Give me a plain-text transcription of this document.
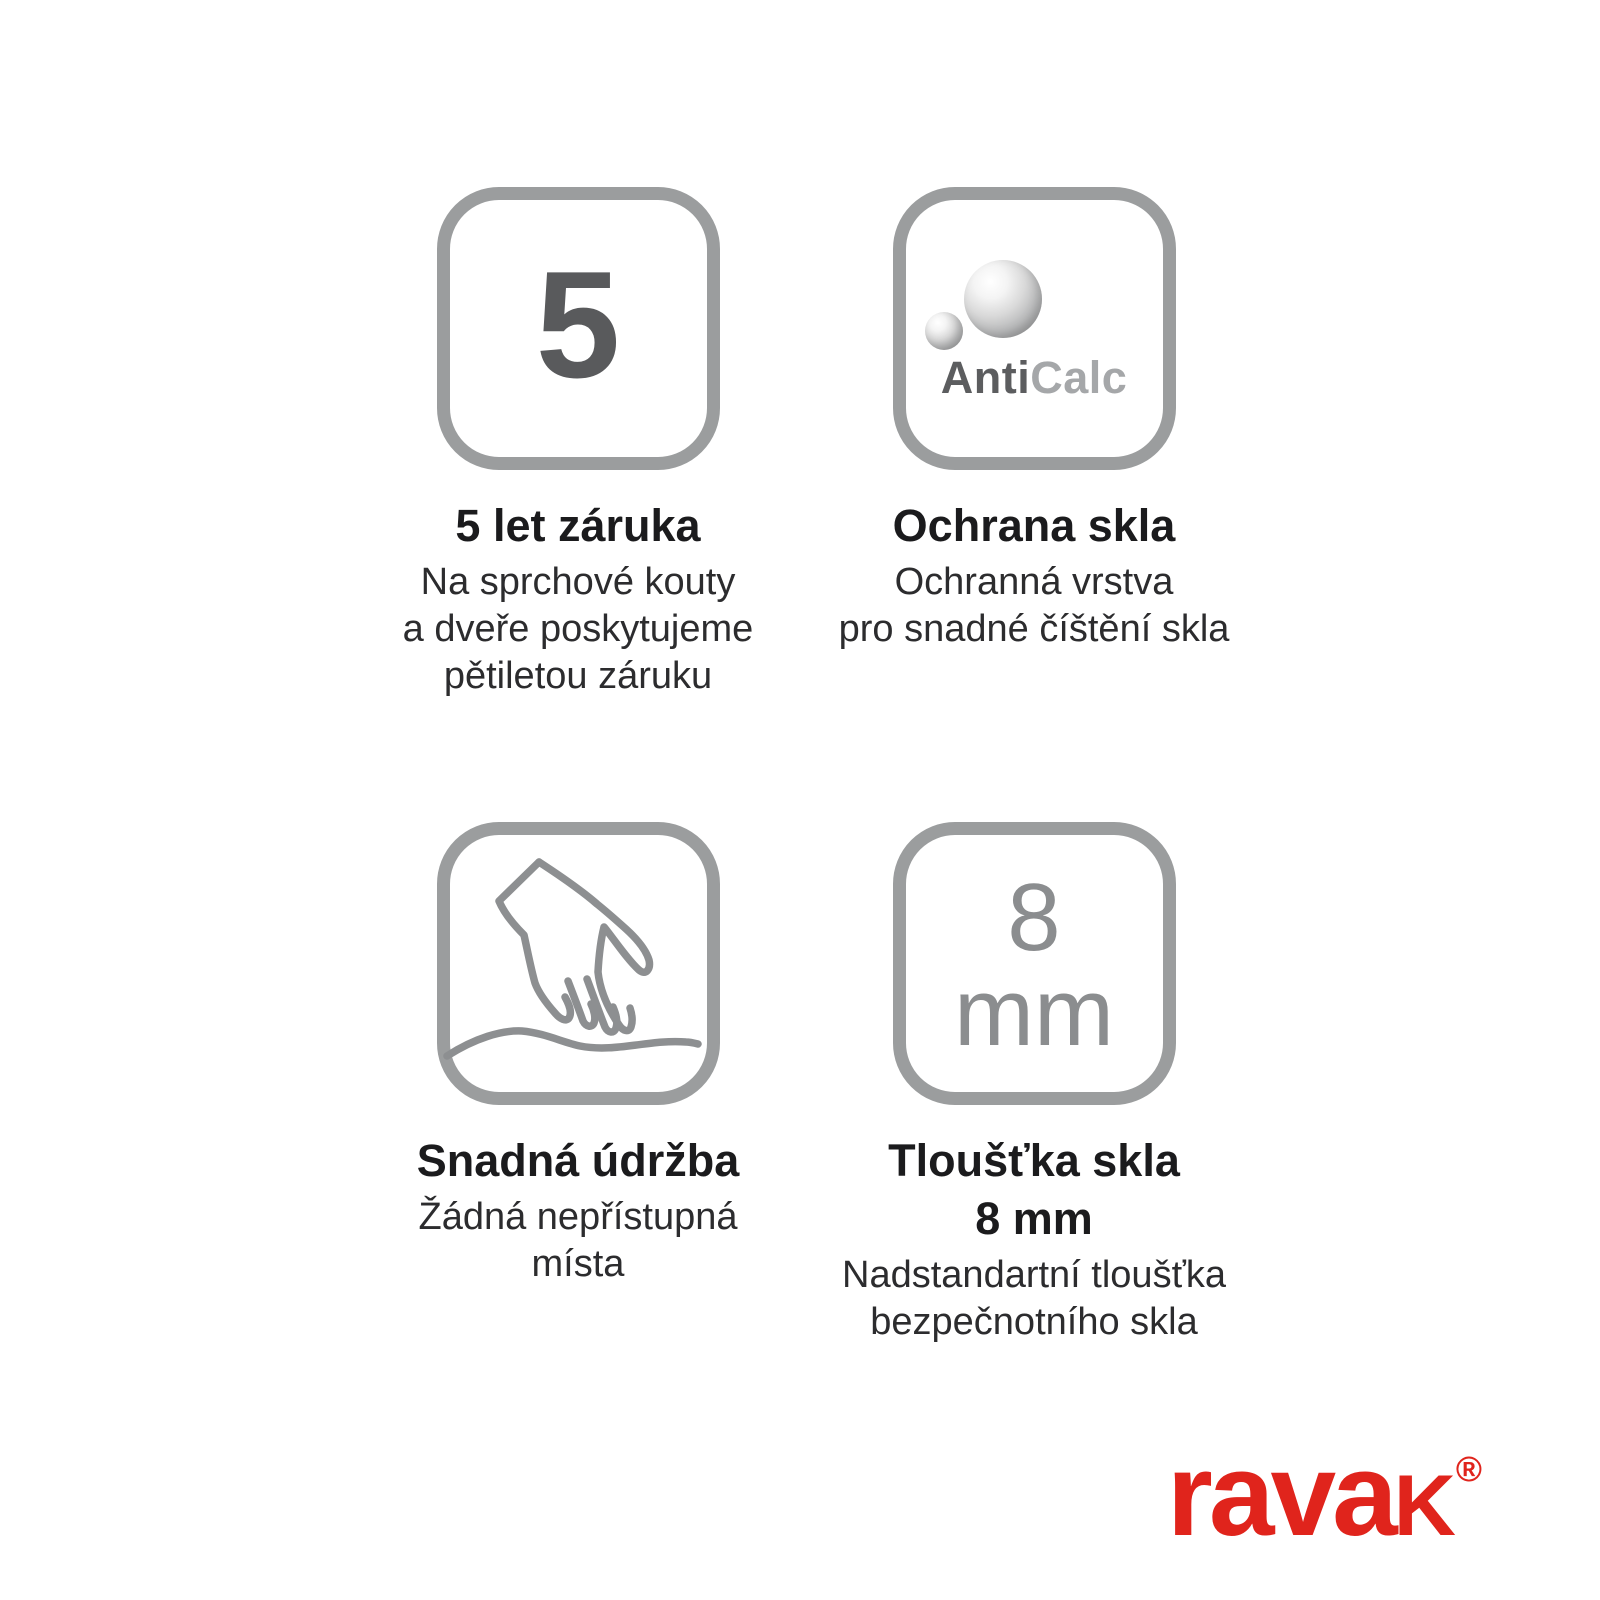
5
5 let záruka

Na sprchové kouty
a dveře poskytujeme
pětiletou záruku

AntiCalc
Ochrana skla

Ochranná vrstva
pro snadné číštění skla

Snadná údržba

Žádná nepřístupná
místa

8
mm
Tloušťka skla
8 mm

Nadstandartní tloušťka
bezpečnotního skla

ravaK ®
